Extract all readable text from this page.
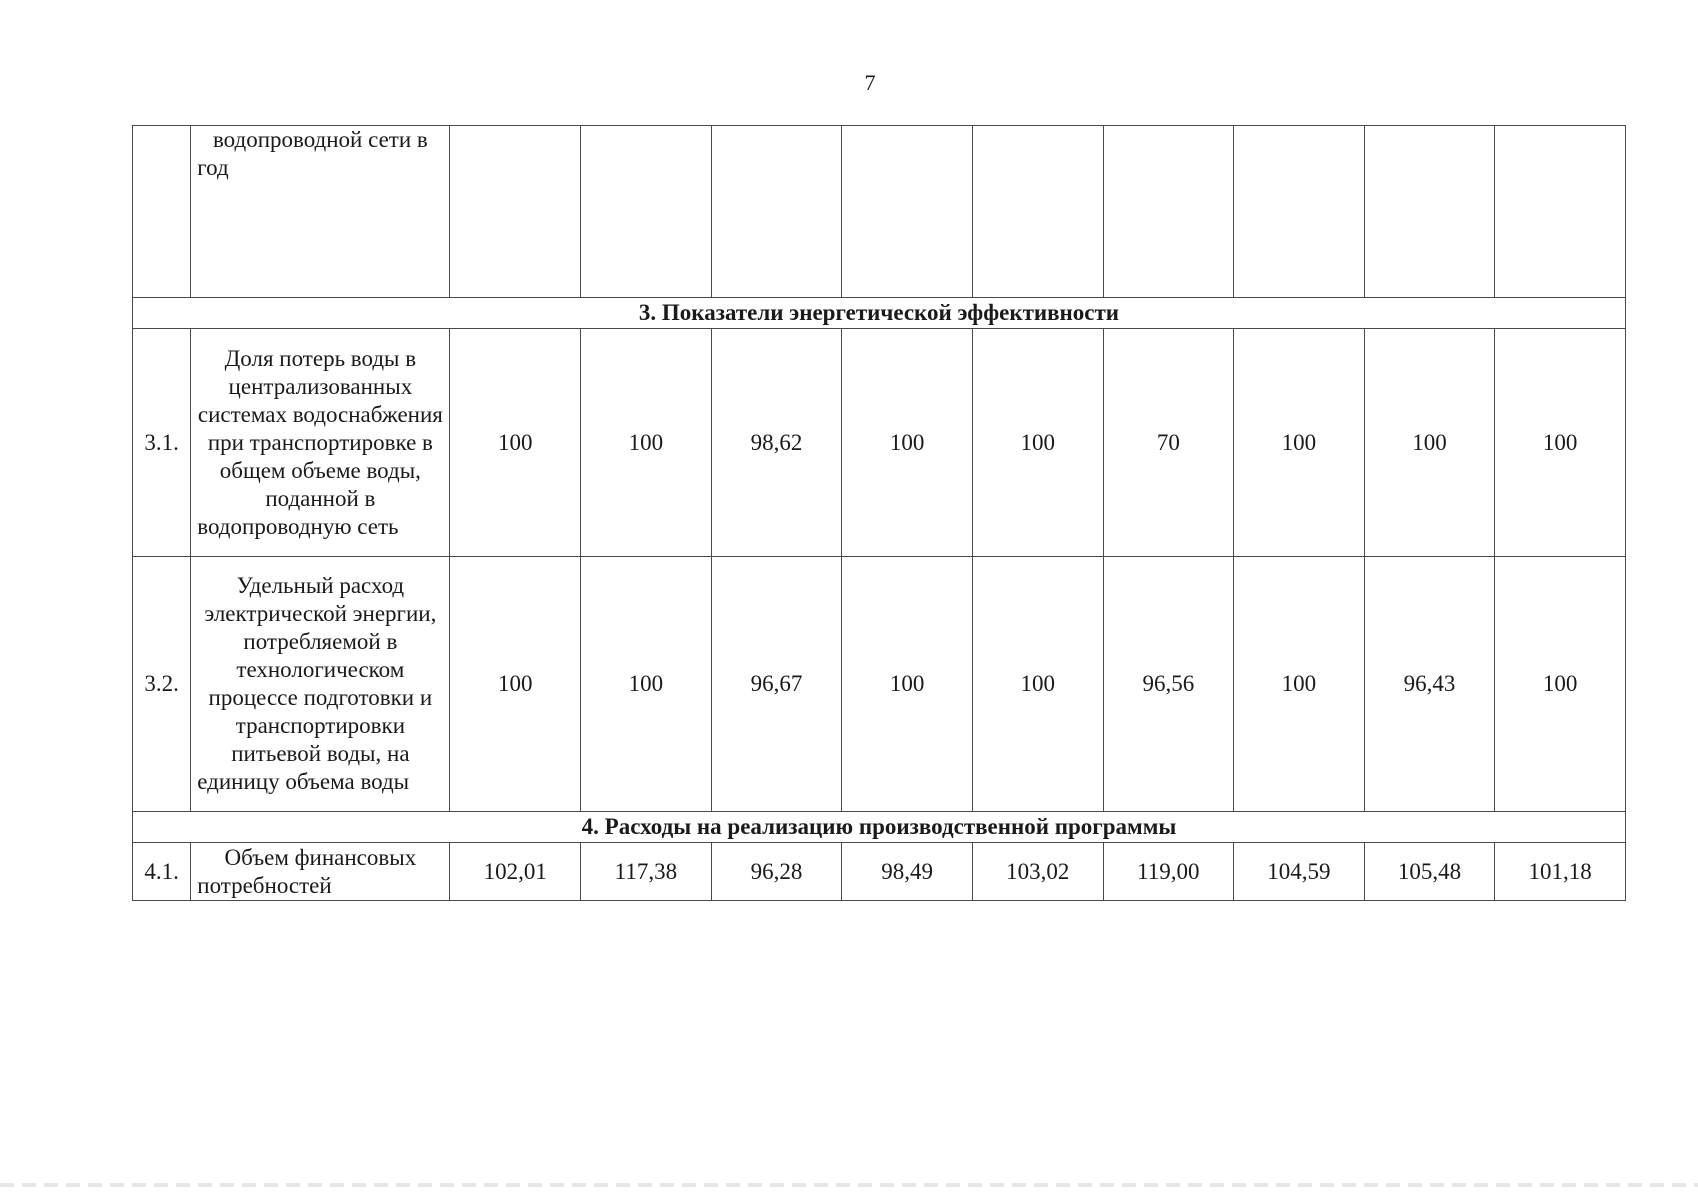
7
	водопроводной сети в год									
3. Показатели энергетической эффективности										
3.1.	Доля потерь воды в централизованных системах водоснабжения при транспортировке в общем объеме воды, поданной в водопроводную сеть	100	100	98,62	100	100	70	100	100	100
3.2.	Удельный расход электрической энергии, потребляемой в технологическом процессе подготовки и транспортировки питьевой воды, на единицу объема воды	100	100	96,67	100	100	96,56	100	96,43	100
4. Расходы на реализацию производственной программы										
4.1.	Объем финансовых потребностей	102,01	117,38	96,28	98,49	103,02	119,00	104,59	105,48	101,18
